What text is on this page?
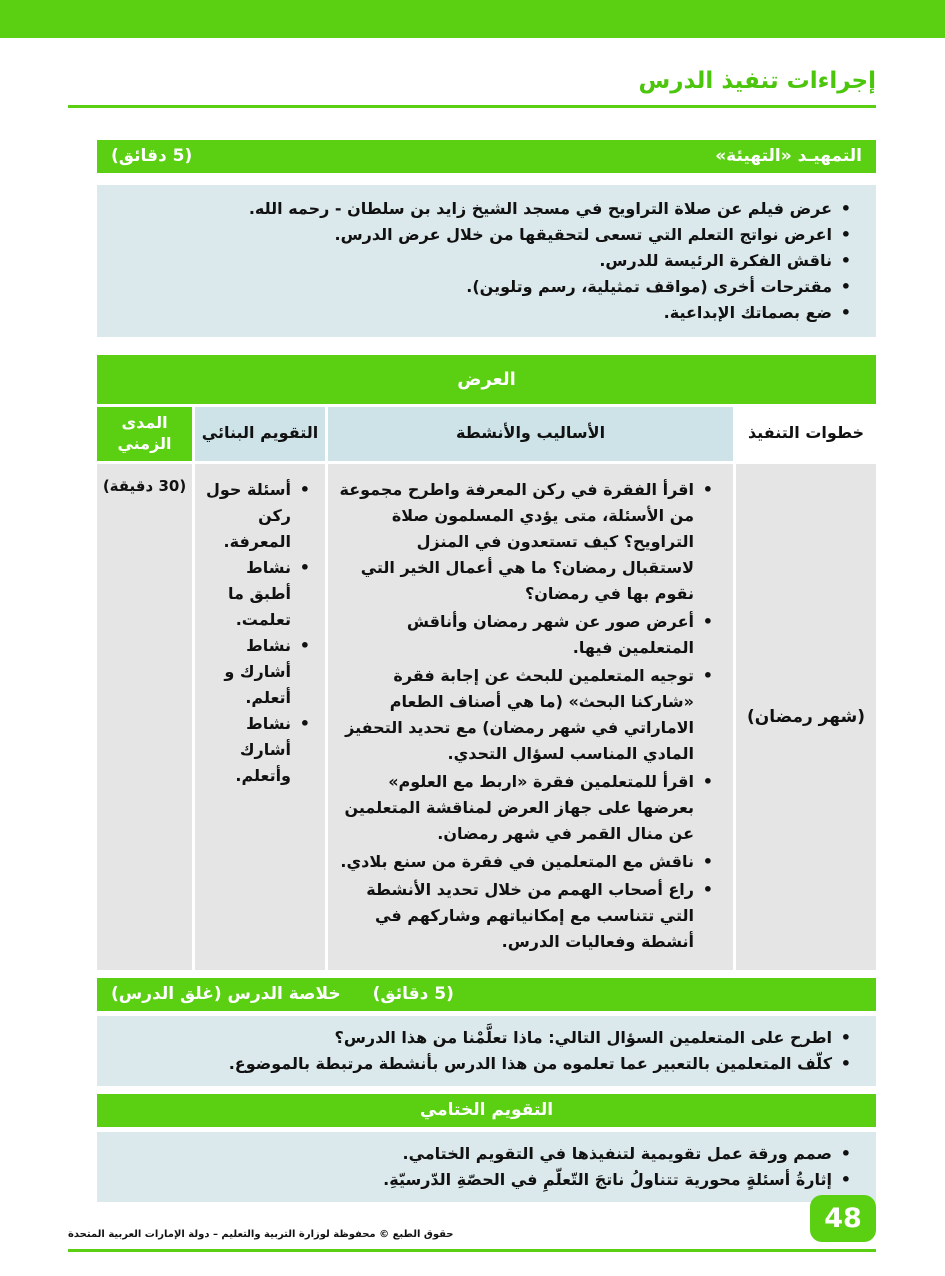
إجراءات تنفيذ الدرس
التمهيـد «التهيئة»
(5 دقائق)
• عرض فيلم عن صلاة التراويح في مسجد الشيخ زايد بن سلطان - رحمه الله.
• اعرض نواتج التعلم التي تسعى لتحقيقها من خلال عرض الدرس.
• ناقش الفكرة الرئيسة للدرس.
• مقترحات أخرى (مواقف تمثيلية، رسم وتلوين).
• ضع بصماتك الإبداعية.
العرض
خطوات التنفيذ
الأساليب والأنشطة
التقويم البنائي
المدى الزمني
(شهر رمضان)
• اقرأ الفقرة في ركن المعرفة واطرح مجموعة من الأسئلة، متى يؤدي المسلمون صلاة التراويح؟ كيف تستعدون في المنزل لاستقبال رمضان؟ ما هي أعمال الخير التي نقوم بها في رمضان؟
• أعرض صور عن شهر رمضان وأناقش المتعلمين فيها.
• توجيه المتعلمين للبحث عن إجابة فقرة «شاركنا البحث» (ما هي أصناف الطعام الاماراتي في شهر رمضان) مع تحديد التحفيز المادي المناسب لسؤال التحدي.
• اقرأ للمتعلمين فقرة «اربط مع العلوم» بعرضها على جهاز العرض لمناقشة المتعلمين عن منال القمر في شهر رمضان.
• ناقش مع المتعلمين في فقرة من سنع بلادي.
• راع أصحاب الهمم من خلال تحديد الأنشطة التي تتناسب مع إمكانياتهم وشاركهم في أنشطة وفعاليات الدرس.
• أسئلة حول ركن المعرفة.
• نشاط أطبق ما تعلمت.
• نشاط أشارك و أتعلم.
• نشاط أشارك وأتعلم.
(30 دقيقة)
(5 دقائق)
خلاصة الدرس (غلق الدرس)
• اطرح على المتعلمين السؤال التالي: ماذا تعلَّمْنا من هذا الدرس؟
• كلّف المتعلمين بالتعبير عما تعلموه من هذا الدرس بأنشطة مرتبطة بالموضوع.
التقويم الختامي
• صمم ورقة عمل تقويمية لتنفيذها في التقويم الختامي.
• إثارةُ أسئلةٍ محورية تتناولُ ناتجَ التّعلّمِ في الحصّةِ الدّرسيّةِ.
48
حقوق الطبع © محفوظة لوزارة التربية والتعليم – دولة الإمارات العربية المتحدة
